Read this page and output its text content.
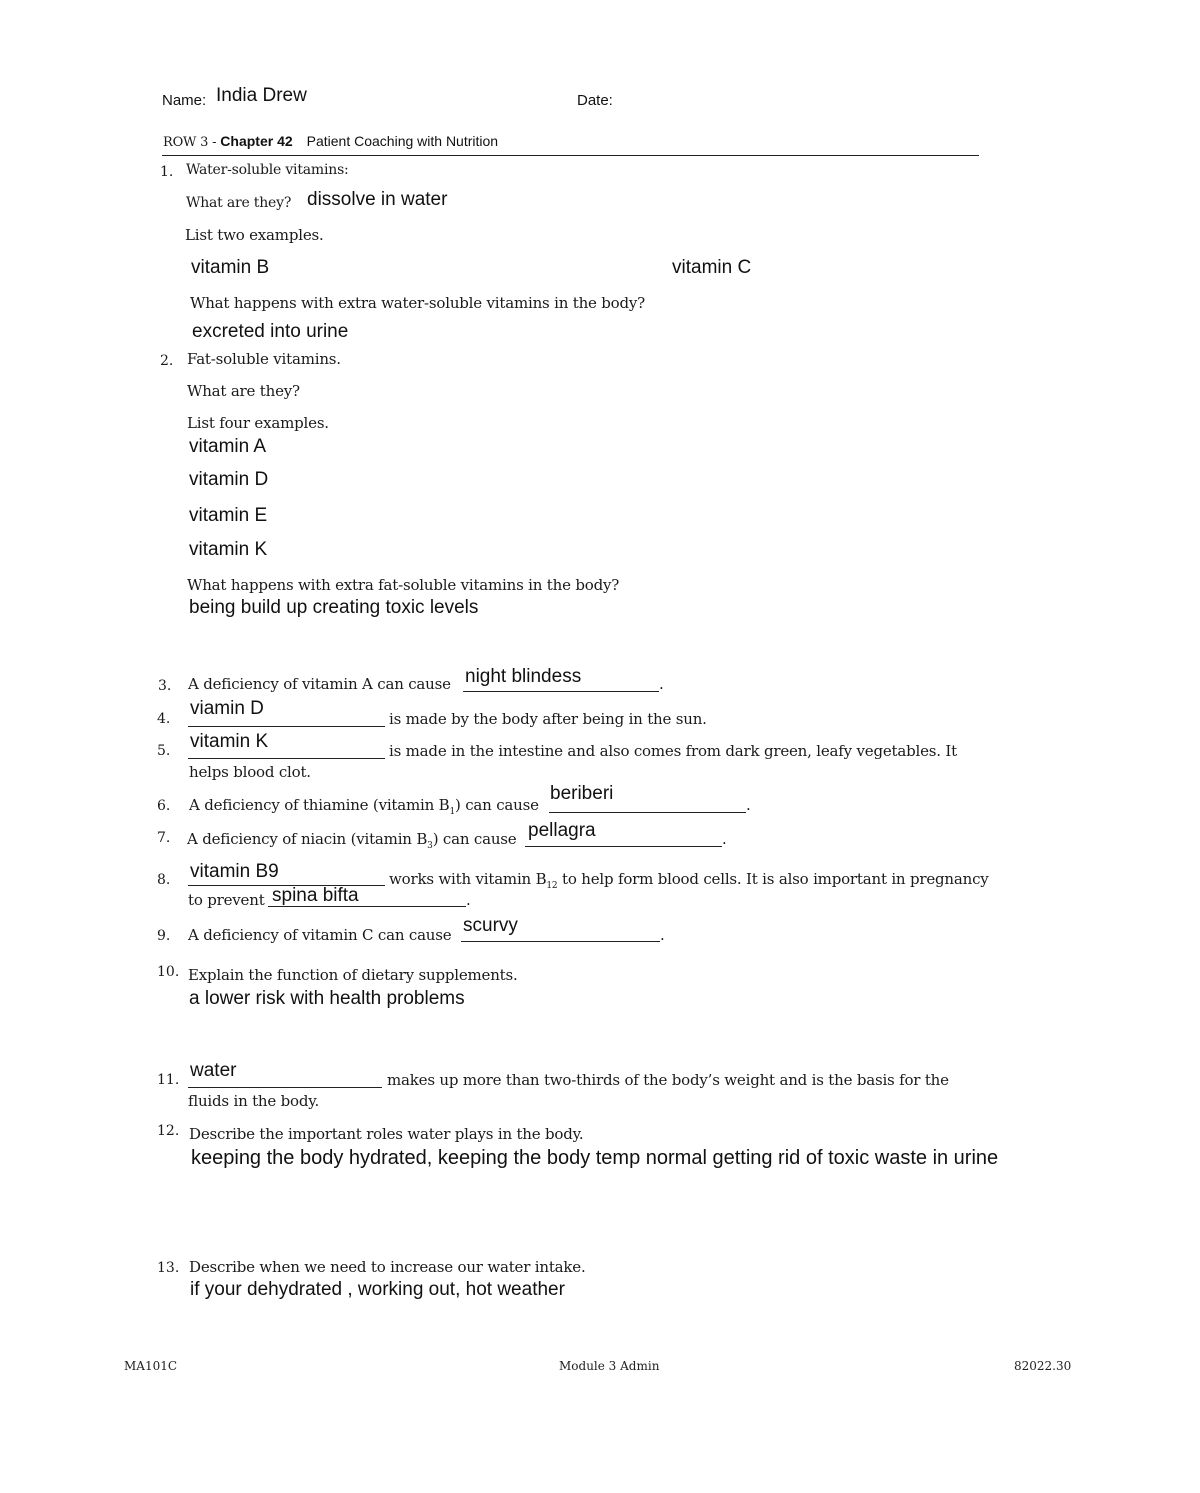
Name: India Drew	Date:
ROW 3 - Chapter 42 Patient Coaching with Nutrition
1. Water-soluble vitamins:
What are they? dissolve in water
List two examples.
vitamin B	vitamin C
What happens with extra water-soluble vitamins in the body?
excreted into urine
2. Fat-soluble vitamins.
What are they?
List four examples.
vitamin A
vitamin D
vitamin E
vitamin K
What happens with extra fat-soluble vitamins in the body?
being build up creating toxic levels
3. A deficiency of vitamin A can cause night blindess	.
4. viamin D	is made by the body after being in the sun.
5. vitamin K	is made in the intestine and also comes from dark green, leafy vegetables. It
helps blood clot.
6. A deficiency of thiamine (vitamin $B_1$) can cause
beriberi
.
7. A deficiency of niacin (vitamin $B_3$) can cause pellagra	.
8. vitamin B9	works with vitamin $B_{12}$ to help form blood cells. It is also important in pregnancy
to prevent spina bifta	.
9. A deficiency of vitamin C can cause scurvy	.
10. Explain the function of dietary supplements.
a lower risk with health problems
11. water	makes up more than two-thirds of the body’s weight and is the basis for the
fluids in the body.
12. Describe the important roles water plays in the body.
keeping the body hydrated, keeping the body temp normal getting rid of toxic waste in urine
13. Describe when we need to increase our water intake.
if your dehydrated , working out, hot weather
MA101C	Module 3 Admin	82022.30
